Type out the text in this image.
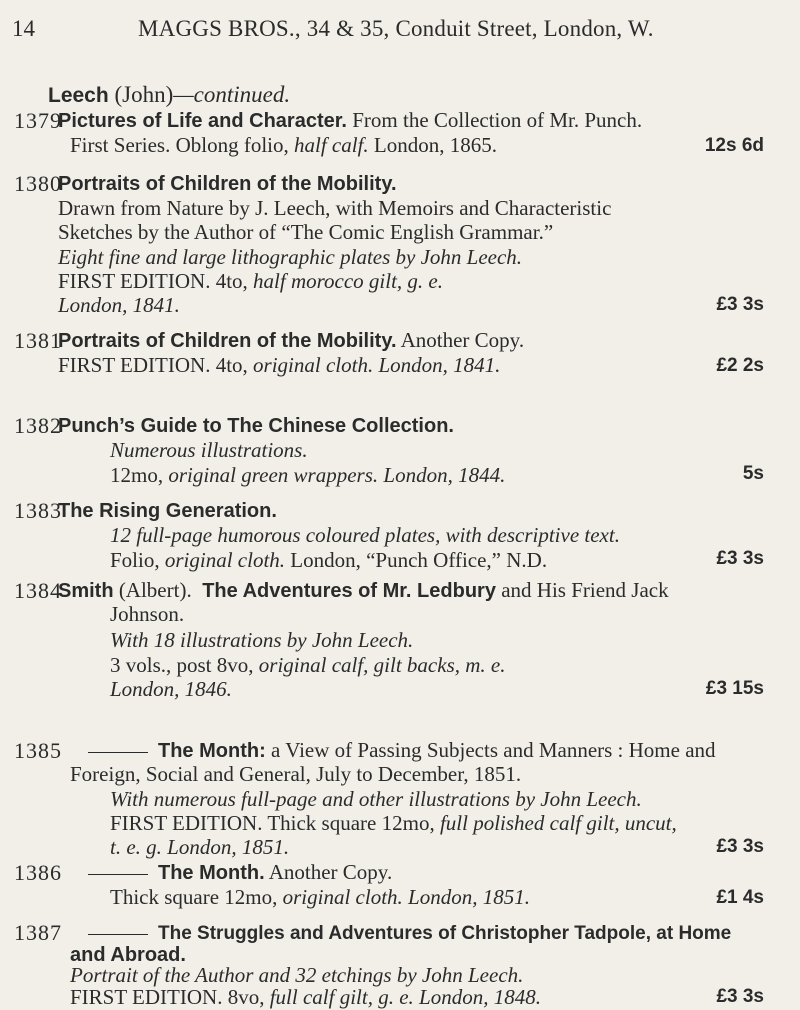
14	MAGGS BROS., 34 & 35, Conduit Street, London, W.
Leech (John)—continued.
1379
Pictures of Life and Character. From the Collection of Mr. Punch.
First Series. Oblong folio, half calf. London, 1865.	12s 6d
1380
Portraits of Children of the Mobility.
Drawn from Nature by J. Leech, with Memoirs and Characteristic
Sketches by the Author of “The Comic English Grammar.”
Eight fine and large lithographic plates by John Leech.
FIRST EDITION. 4to, half morocco gilt, g. e.
London, 1841.	£3 3s
1381
Portraits of Children of the Mobility. Another Copy.
FIRST EDITION. 4to, original cloth. London, 1841.	£2 2s
1382
Punch’s Guide to The Chinese Collection.
Numerous illustrations.
12mo, original green wrappers. London, 1844.	5s
1383
The Rising Generation.
12 full-page humorous coloured plates, with descriptive text.
Folio, original cloth. London, “Punch Office,” N.D.	£3 3s
1384
Smith (Albert). The Adventures of Mr. Ledbury and His Friend Jack
Johnson.
With 18 illustrations by John Leech.
3 vols., post 8vo, original calf, gilt backs, m. e.
London, 1846.	£3 15s
1385	The Month: a View of Passing Subjects and Manners : Home and
Foreign, Social and General, July to December, 1851.
With numerous full-page and other illustrations by John Leech.
FIRST EDITION. Thick square 12mo, full polished calf gilt, uncut,
t. e. g. London, 1851.	£3 3s
1386	The Month. Another Copy.
Thick square 12mo, original cloth. London, 1851.	£1 4s
1387	The Struggles and Adventures of Christopher Tadpole, at Home
and Abroad.
Portrait of the Author and 32 etchings by John Leech.
FIRST EDITION. 8vo, full calf gilt, g. e. London, 1848.	£3 3s
